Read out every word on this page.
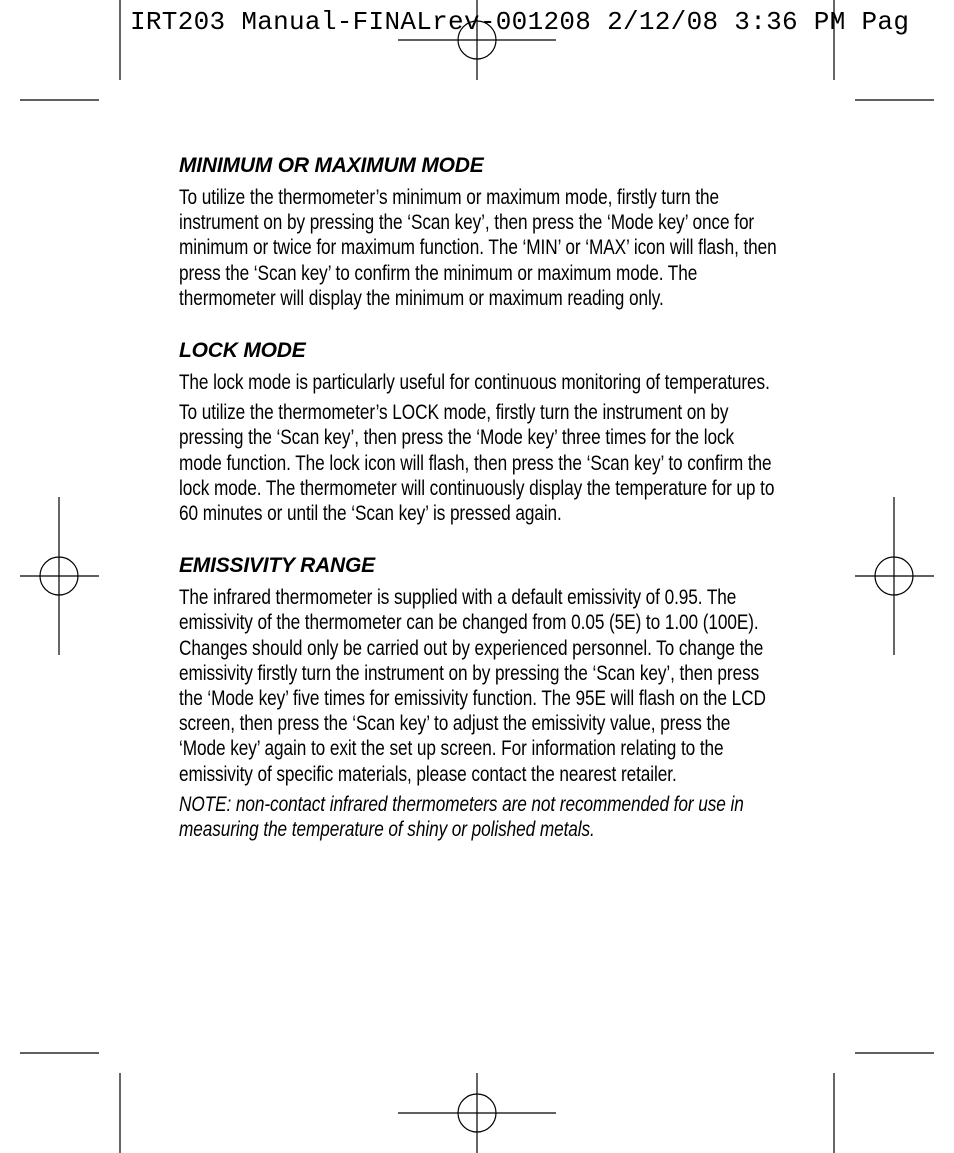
IRT203 Manual-FINALrev-001208 2/12/08 3:36 PM Pag
MINIMUM OR MAXIMUM MODE
To utilize the thermometer’s minimum or maximum mode, firstly turn the instrument on by pressing the ‘Scan key’, then press the ‘Mode key’ once for minimum or twice for maximum function. The ‘MIN’ or ‘MAX’ icon will flash, then press the ‘Scan key’ to confirm the minimum or maximum mode. The thermometer will display the minimum or maximum reading only.
LOCK MODE
The lock mode is particularly useful for continuous monitoring of temperatures.
To utilize the thermometer’s LOCK mode, firstly turn the instrument on by pressing the ‘Scan key’, then press the ‘Mode key’ three times for the lock mode function. The lock icon will flash, then press the ‘Scan key’ to confirm the lock mode. The thermometer will continuously display the temperature for up to 60 minutes or until the ‘Scan key’ is pressed again.
EMISSIVITY RANGE
The infrared thermometer is supplied with a default emissivity of 0.95. The emissivity of the thermometer can be changed from 0.05 (5E) to 1.00 (100E). Changes should only be carried out by experienced personnel. To change the emissivity firstly turn the instrument on by pressing the ‘Scan key’, then press the ‘Mode key’ five times for emissivity function. The 95E will flash on the LCD screen, then press the ‘Scan key’ to adjust the emissivity value, press the ‘Mode key’ again to exit the set up screen. For information relating to the emissivity of specific materials, please contact the nearest retailer.
NOTE: non-contact infrared thermometers are not recommended for use in measuring the temperature of shiny or polished metals.
